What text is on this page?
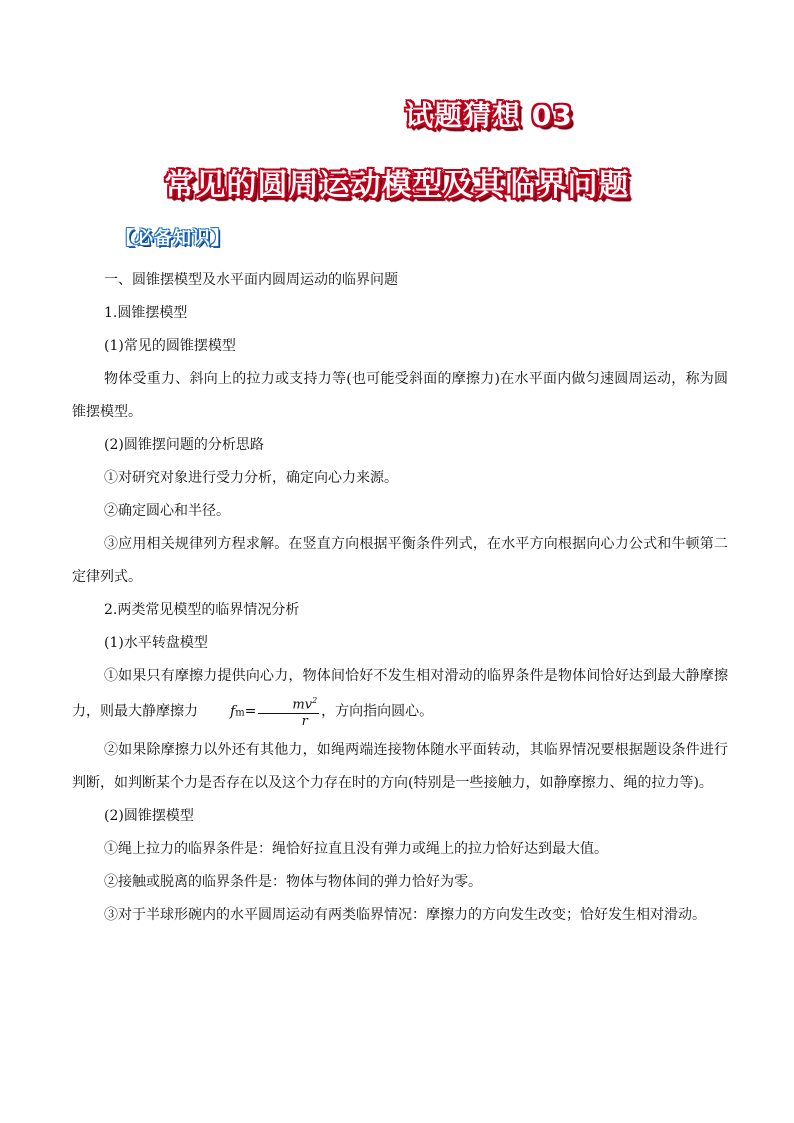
试题猜想 03
常见的圆周运动模型及其临界问题
【必备知识】

一、圆锥摆模型及水平面内圆周运动的临界问题

1.圆锥摆模型

(1)常见的圆锥摆模型

物体受重力、斜向上的拉力或支持力等(也可能受斜面的摩擦力)在水平面内做匀速圆周运动，称为圆锥摆模型。

(2)圆锥摆问题的分析思路

①对研究对象进行受力分析，确定向心力来源。

②确定圆心和半径。

③应用相关规律列方程求解。在竖直方向根据平衡条件列式，在水平方向根据向心力公式和牛顿第二定律列式。

2.两类常见模型的临界情况分析

(1)水平转盘模型

①如果只有摩擦力提供向心力，物体间恰好不发生相对滑动的临界条件是物体间恰好达到最大静摩擦力，则最大静摩擦力 $fm= \frac{mv^2}{r}$ ，方向指向圆心。

②如果除摩擦力以外还有其他力，如绳两端连接物体随水平面转动，其临界情况要根据题设条件进行判断，如判断某个力是否存在以及这个力存在时的方向(特别是一些接触力，如静摩擦力、绳的拉力等)。

(2)圆锥摆模型

①绳上拉力的临界条件是：绳恰好拉直且没有弹力或绳上的拉力恰好达到最大值。

②接触或脱离的临界条件是：物体与物体间的弹力恰好为零。

③对于半球形碗内的水平圆周运动有两类临界情况：摩擦力的方向发生改变；恰好发生相对滑动。
